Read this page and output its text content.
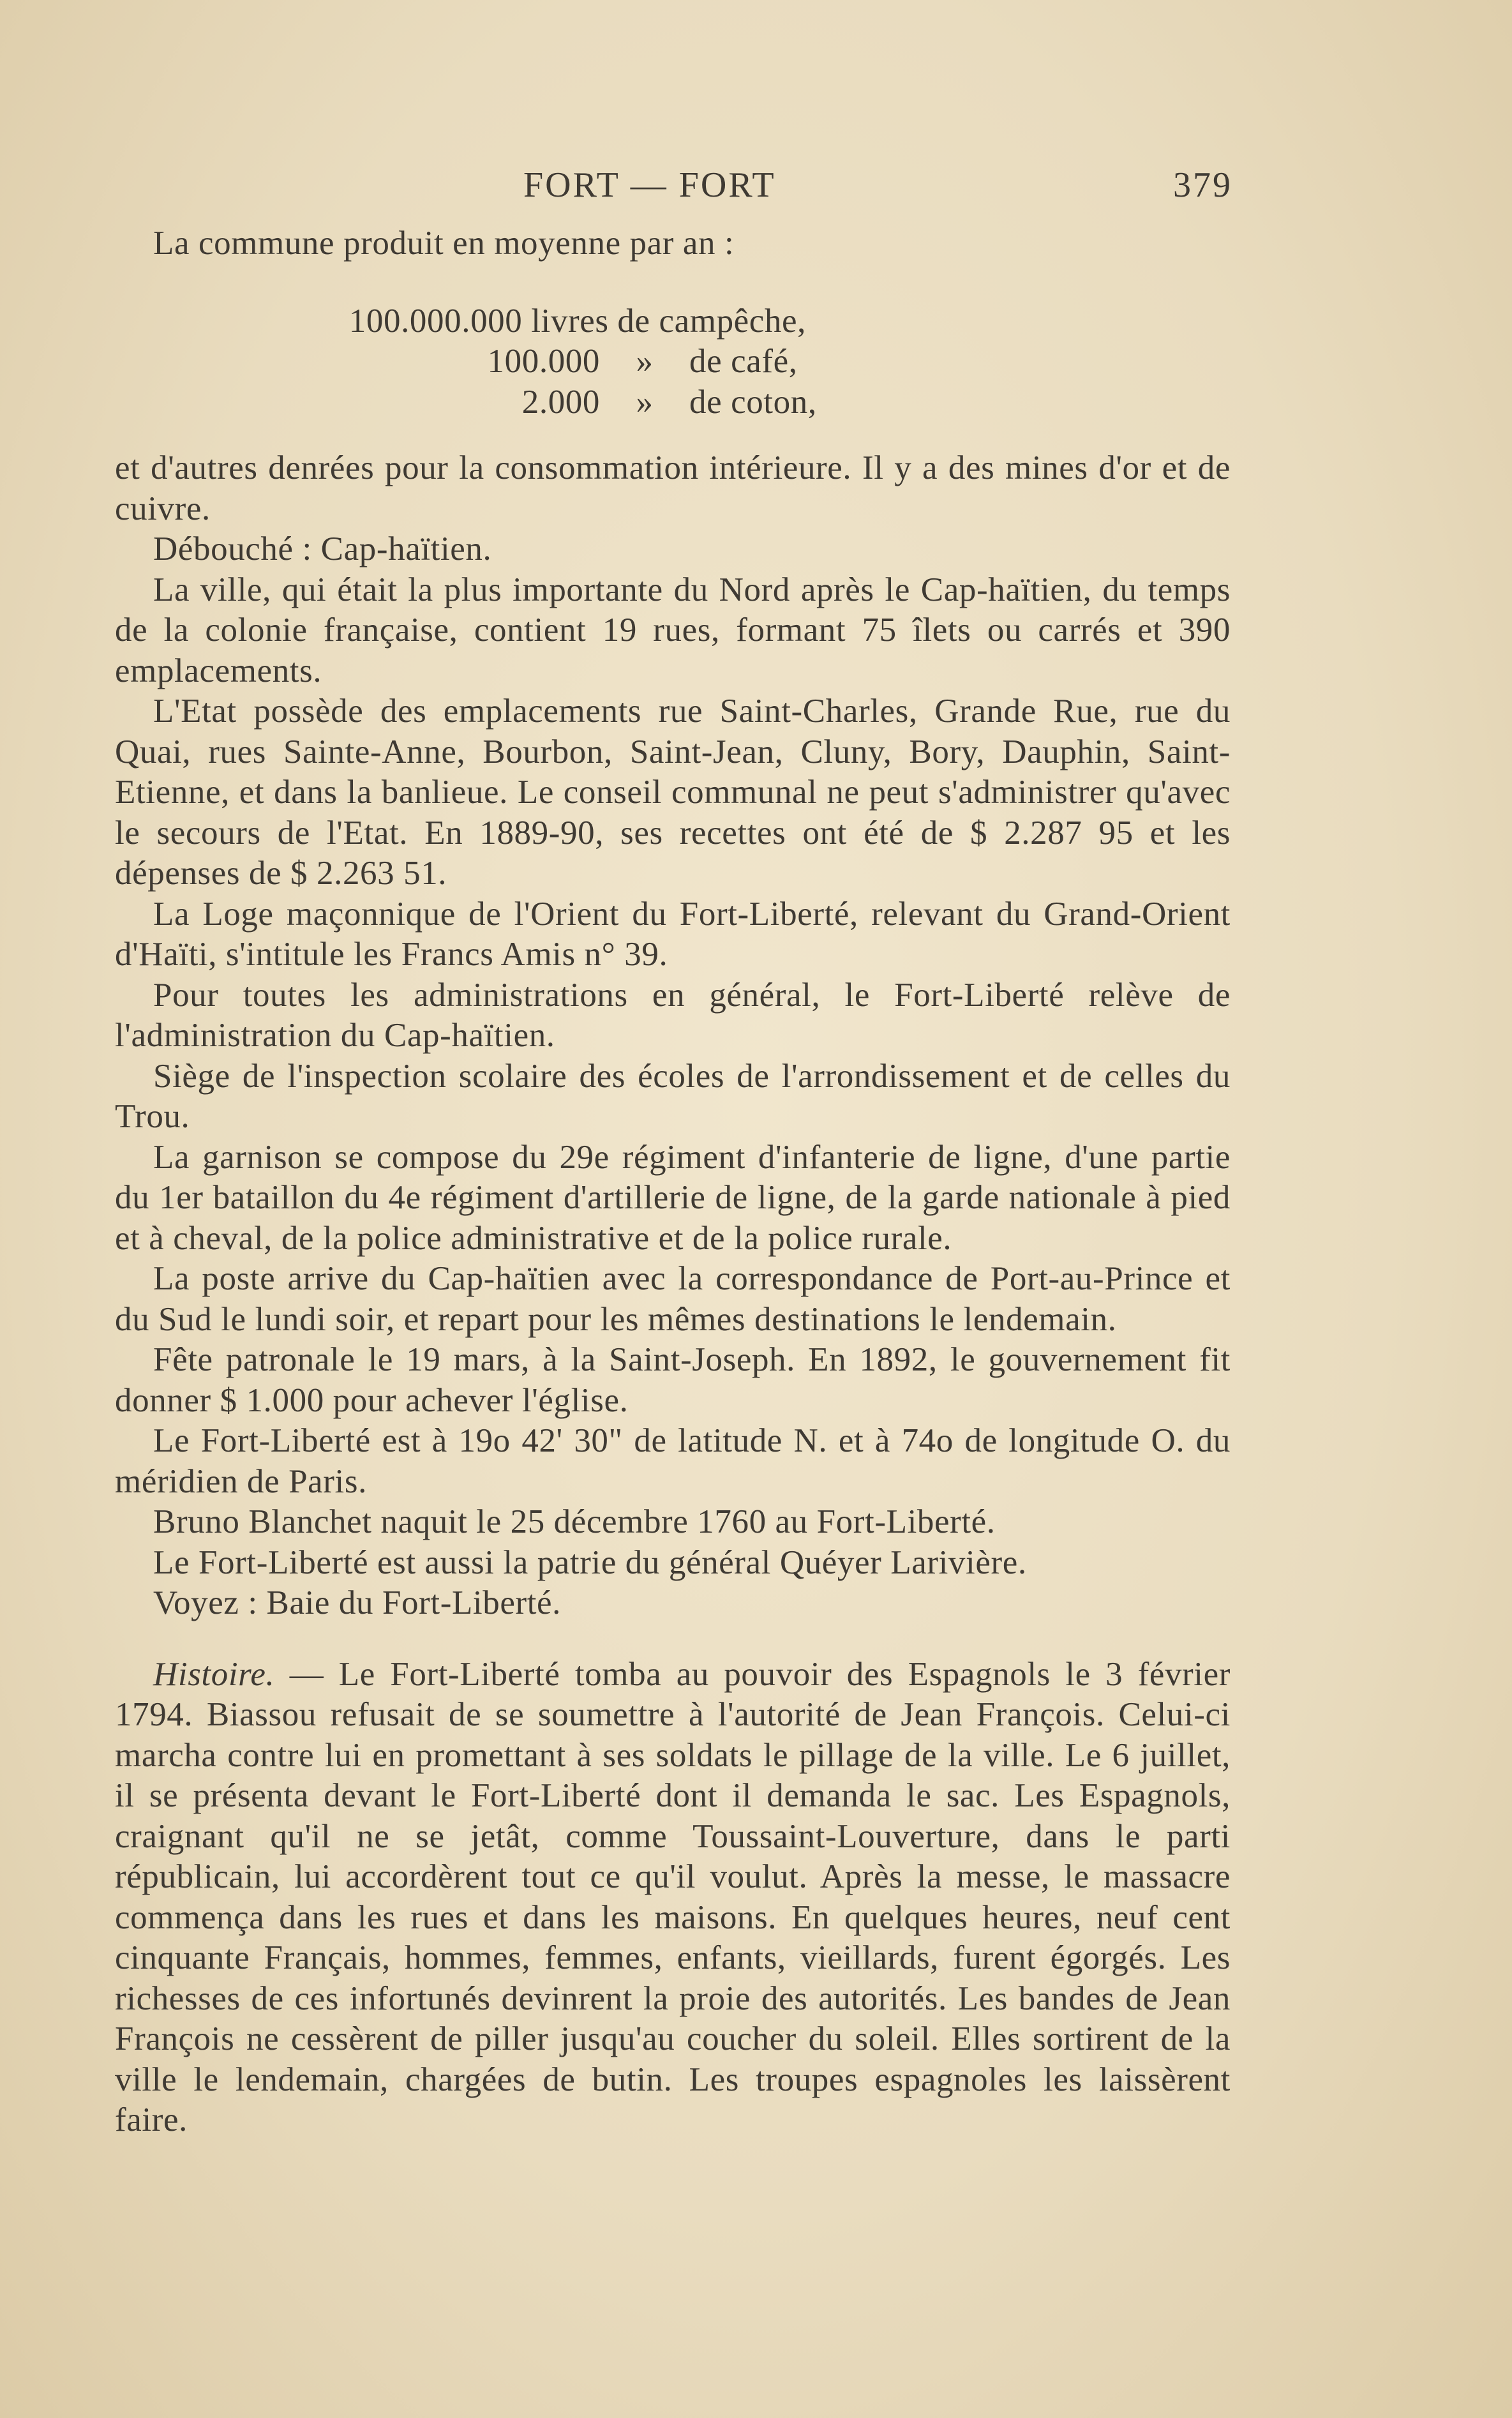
FORT — FORT	379

La commune produit en moyenne par an :

100.000.000 livres de campêche,
100.000	»	de café,
2.000	»	de coton,

et d'autres denrées pour la consommation intérieure. Il y a des mines d'or et de cuivre.

Débouché : Cap-haïtien.

La ville, qui était la plus importante du Nord après le Cap-haïtien, du temps de la colonie française, contient 19 rues, formant 75 îlets ou carrés et 390 emplacements.

L'Etat possède des emplacements rue Saint-Charles, Grande Rue, rue du Quai, rues Sainte-Anne, Bourbon, Saint-Jean, Cluny, Bory, Dauphin, Saint-Etienne, et dans la banlieue. Le conseil communal ne peut s'administrer qu'avec le secours de l'Etat. En 1889-90, ses recettes ont été de $ 2.287 95 et les dépenses de $ 2.263 51.

La Loge maçonnique de l'Orient du Fort-Liberté, relevant du Grand-Orient d'Haïti, s'intitule les Francs Amis n° 39.

Pour toutes les administrations en général, le Fort-Liberté relève de l'administration du Cap-haïtien.

Siège de l'inspection scolaire des écoles de l'arrondissement et de celles du Trou.

La garnison se compose du 29e régiment d'infanterie de ligne, d'une partie du 1er bataillon du 4e régiment d'artillerie de ligne, de la garde nationale à pied et à cheval, de la police administrative et de la police rurale.

La poste arrive du Cap-haïtien avec la correspondance de Port-au-Prince et du Sud le lundi soir, et repart pour les mêmes destinations le lendemain.

Fête patronale le 19 mars, à la Saint-Joseph. En 1892, le gouvernement fit donner $ 1.000 pour achever l'église.

Le Fort-Liberté est à 19o 42' 30" de latitude N. et à 74o de longitude O. du méridien de Paris.

Bruno Blanchet naquit le 25 décembre 1760 au Fort-Liberté.

Le Fort-Liberté est aussi la patrie du général Quéyer Larivière.

Voyez : Baie du Fort-Liberté.

Histoire. — Le Fort-Liberté tomba au pouvoir des Espagnols le 3 février 1794. Biassou refusait de se soumettre à l'autorité de Jean François. Celui-ci marcha contre lui en promettant à ses soldats le pillage de la ville. Le 6 juillet, il se présenta devant le Fort-Liberté dont il demanda le sac. Les Espagnols, craignant qu'il ne se jetât, comme Toussaint-Louverture, dans le parti républicain, lui accordèrent tout ce qu'il voulut. Après la messe, le massacre commença dans les rues et dans les maisons. En quelques heures, neuf cent cinquante Français, hommes, femmes, enfants, vieillards, furent égorgés. Les richesses de ces infortunés devinrent la proie des autorités. Les bandes de Jean François ne cessèrent de piller jusqu'au coucher du soleil. Elles sortirent de la ville le lendemain, chargées de butin. Les troupes espagnoles les laissèrent faire.
